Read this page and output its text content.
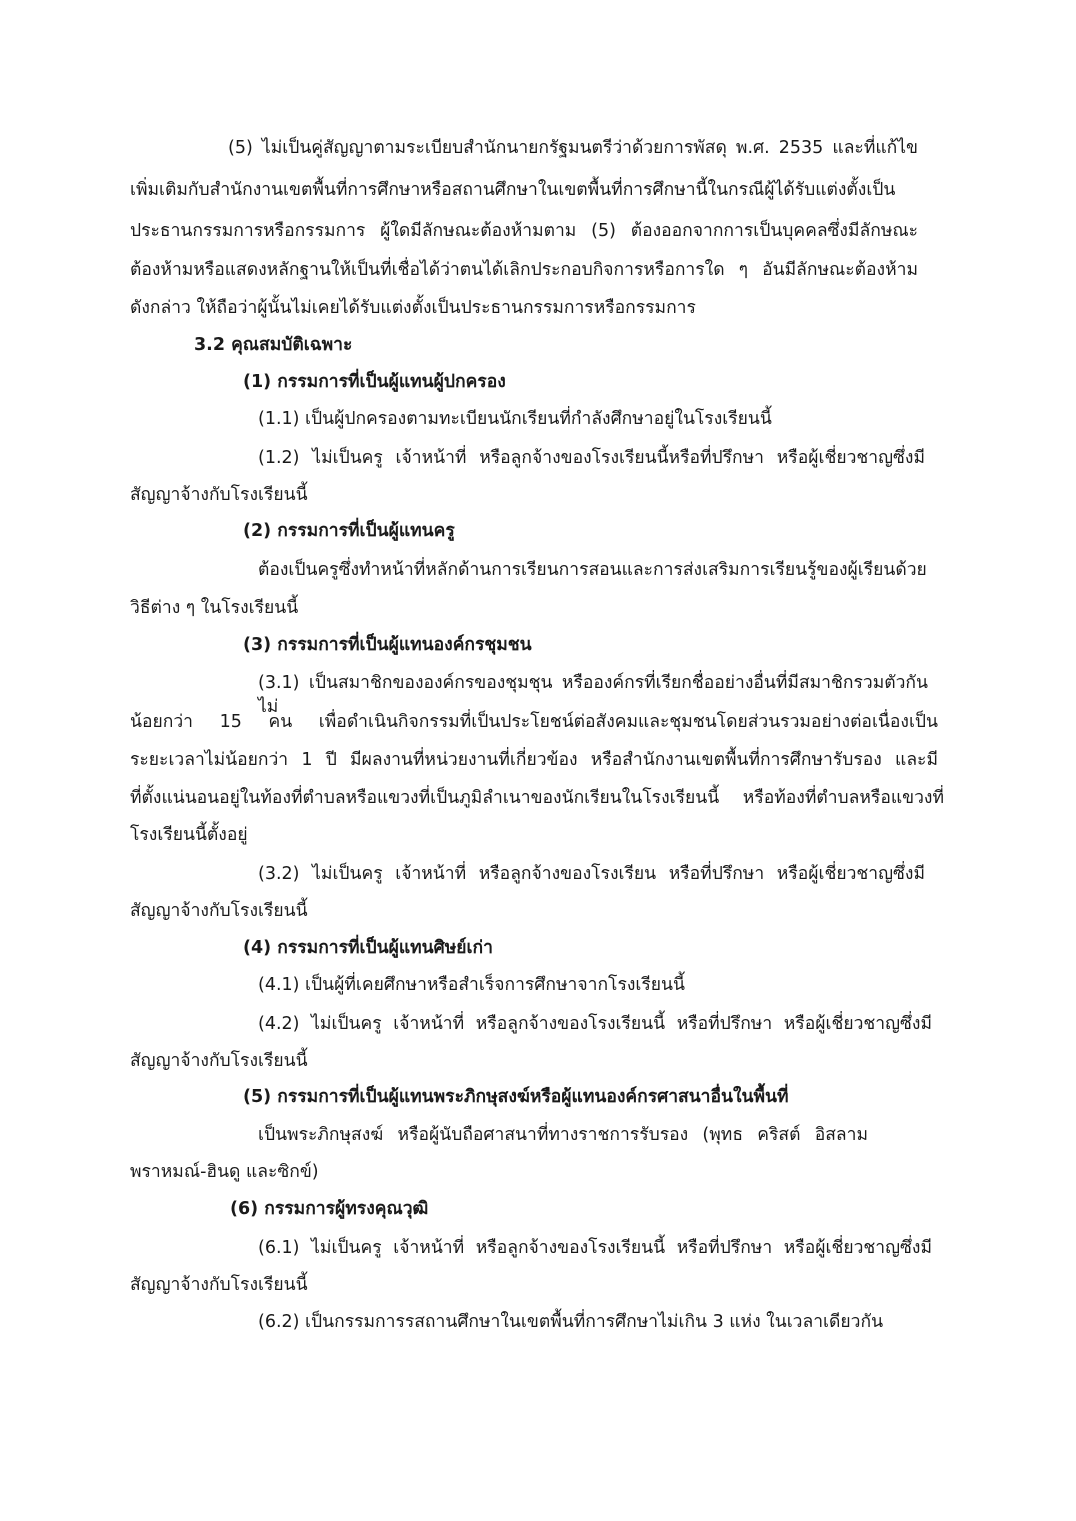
(5) ไม่เป็นคู่สัญญาตามระเบียบสำนักนายกรัฐมนตรีว่าด้วยการพัสดุ พ.ศ. 2535 และที่แก้ไข

เพิ่มเติมกับสำนักงานเขตพื้นที่การศึกษาหรือสถานศึกษาในเขตพื้นที่การศึกษานี้ในกรณีผู้ได้รับแต่งตั้งเป็น

ประธานกรรมการหรือกรรมการ ผู้ใดมีลักษณะต้องห้ามตาม (5) ต้องออกจากการเป็นบุคคลซึ่งมีลักษณะ

ต้องห้ามหรือแสดงหลักฐานให้เป็นที่เชื่อได้ว่าตนได้เลิกประกอบกิจการหรือการใด ๆ อันมีลักษณะต้องห้าม

ดังกล่าว ให้ถือว่าผู้นั้นไม่เคยได้รับแต่งตั้งเป็นประธานกรรมการหรือกรรมการ

3.2 คุณสมบัติเฉพาะ

(1) กรรมการที่เป็นผู้แทนผู้ปกครอง

(1.1) เป็นผู้ปกครองตามทะเบียนนักเรียนที่กำลังศึกษาอยู่ในโรงเรียนนี้

(1.2) ไม่เป็นครู เจ้าหน้าที่ หรือลูกจ้างของโรงเรียนนี้หรือที่ปรึกษา หรือผู้เชี่ยวชาญซึ่งมี

สัญญาจ้างกับโรงเรียนนี้

(2) กรรมการที่เป็นผู้แทนครู

ต้องเป็นครูซึ่งทำหน้าที่หลักด้านการเรียนการสอนและการส่งเสริมการเรียนรู้ของผู้เรียนด้วย

วิธีต่าง ๆ ในโรงเรียนนี้

(3) กรรมการที่เป็นผู้แทนองค์กรชุมชน

(3.1) เป็นสมาชิกขององค์กรของชุมชุน หรือองค์กรที่เรียกชื่ออย่างอื่นที่มีสมาชิกรวมตัวกันไม่

น้อยกว่า 15 คน เพื่อดำเนินกิจกรรมที่เป็นประโยชน์ต่อสังคมและชุมชนโดยส่วนรวมอย่างต่อเนื่องเป็น

ระยะเวลาไม่น้อยกว่า 1 ปี มีผลงานที่หน่วยงานที่เกี่ยวข้อง หรือสำนักงานเขตพื้นที่การศึกษารับรอง และมี

ที่ตั้งแน่นอนอยู่ในท้องที่ตำบลหรือแขวงที่เป็นภูมิลำเนาของนักเรียนในโรงเรียนนี้ หรือท้องที่ตำบลหรือแขวงที่

โรงเรียนนี้ตั้งอยู่

(3.2) ไม่เป็นครู เจ้าหน้าที่ หรือลูกจ้างของโรงเรียน หรือที่ปรึกษา หรือผู้เชี่ยวชาญซึ่งมี

สัญญาจ้างกับโรงเรียนนี้

(4) กรรมการที่เป็นผู้แทนศิษย์เก่า

(4.1) เป็นผู้ที่เคยศึกษาหรือสำเร็จการศึกษาจากโรงเรียนนี้

(4.2) ไม่เป็นครู เจ้าหน้าที่ หรือลูกจ้างของโรงเรียนนี้ หรือที่ปรึกษา หรือผู้เชี่ยวชาญซึ่งมี

สัญญาจ้างกับโรงเรียนนี้

(5) กรรมการที่เป็นผู้แทนพระภิกษุสงฆ์หรือผู้แทนองค์กรศาสนาอื่นในพื้นที่

เป็นพระภิกษุสงฆ์ หรือผู้นับถือศาสนาที่ทางราชการรับรอง (พุทธ คริสต์ อิสลาม

พราหมณ์-ฮินดู และซิกข์)

(6) กรรมการผู้ทรงคุณวุฒิ

(6.1) ไม่เป็นครู เจ้าหน้าที่ หรือลูกจ้างของโรงเรียนนี้ หรือที่ปรึกษา หรือผู้เชี่ยวชาญซึ่งมี

สัญญาจ้างกับโรงเรียนนี้

(6.2) เป็นกรรมการรสถานศึกษาในเขตพื้นที่การศึกษาไม่เกิน 3 แห่ง ในเวลาเดียวกัน
